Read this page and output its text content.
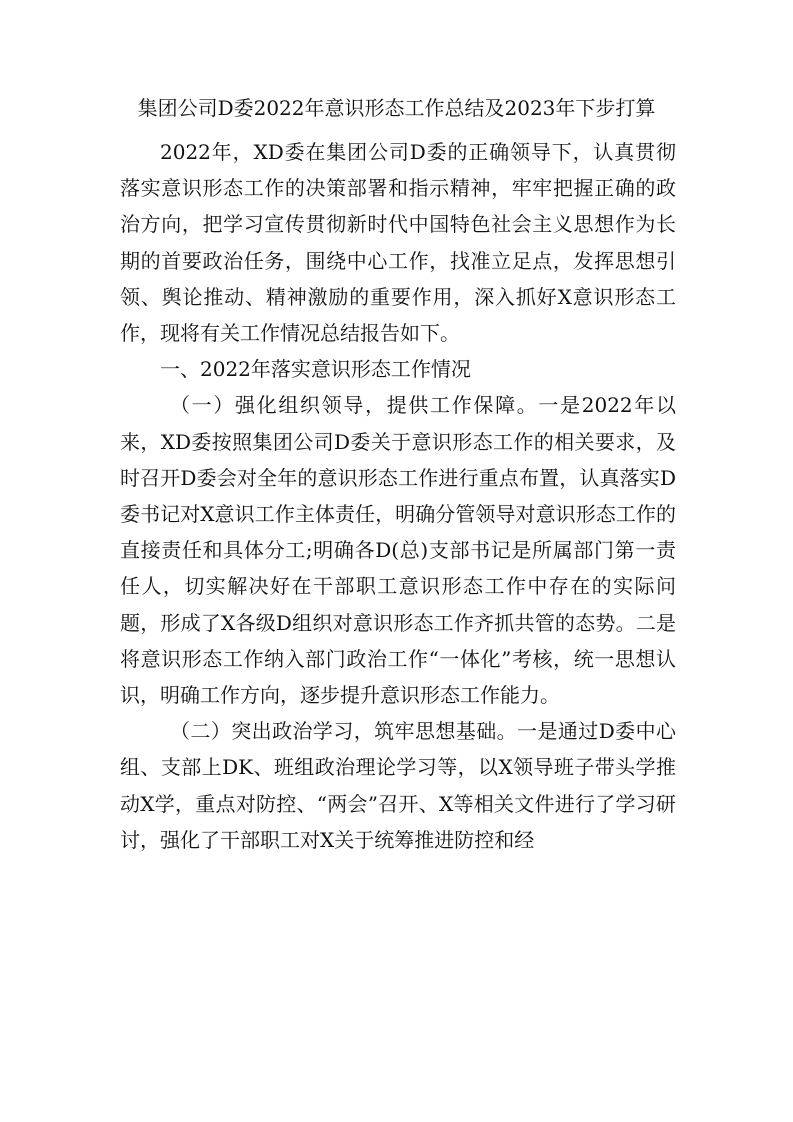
集团公司D委2022年意识形态工作总结及2023年下步打算

2022年，XD委在集团公司D委的正确领导下，认真贯彻落实意识形态工作的决策部署和指示精神，牢牢把握正确的政治方向，把学习宣传贯彻新时代中国特色社会主义思想作为长期的首要政治任务，围绕中心工作，找准立足点，发挥思想引领、舆论推动、精神激励的重要作用，深入抓好X意识形态工作，现将有关工作情况总结报告如下。

一、2022年落实意识形态工作情况

（一）强化组织领导，提供工作保障。一是2022年以来，XD委按照集团公司D委关于意识形态工作的相关要求，及时召开D委会对全年的意识形态工作进行重点布置，认真落实D委书记对X意识工作主体责任，明确分管领导对意识形态工作的直接责任和具体分工;明确各D(总)支部书记是所属部门第一责任人，切实解决好在干部职工意识形态工作中存在的实际问题，形成了X各级D组织对意识形态工作齐抓共管的态势。二是将意识形态工作纳入部门政治工作“一体化”考核，统一思想认识，明确工作方向，逐步提升意识形态工作能力。

（二）突出政治学习，筑牢思想基础。一是通过D委中心组、支部上DK、班组政治理论学习等，以X领导班子带头学推动X学，重点对防控、“两会”召开、X等相关文件进行了学习研讨，强化了干部职工对X关于统筹推进防控和经
